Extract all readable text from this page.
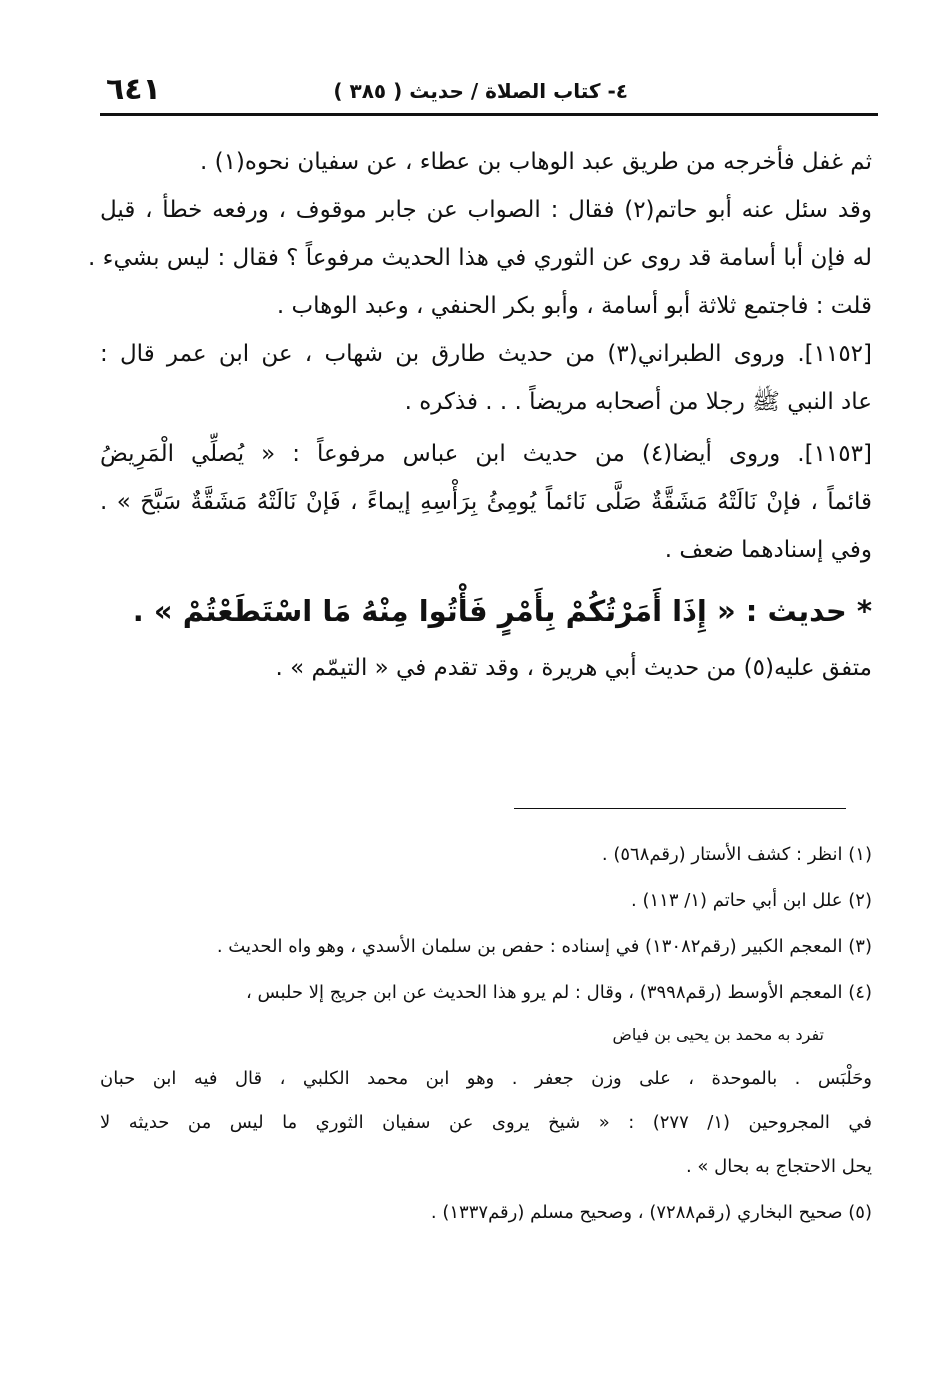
٦٤١	٤- كتاب الصلاة / حديث ( ٣٨٥ )
ثم غفل فأخرجه من طريق عبد الوهاب بن عطاء ، عن سفيان نحوه(١) .
وقد سئل عنه أبو حاتم(٢) فقال : الصواب عن جابر موقوف ، ورفعه خطأ ، قيل
له فإن أبا أسامة قد روى عن الثوري في هذا الحديث مرفوعاً ؟ فقال : ليس بشيء .
قلت : فاجتمع ثلاثة أبو أسامة ، وأبو بكر الحنفي ، وعبد الوهاب .
[١١٥٢]. وروى الطبراني(٣) من حديث طارق بن شهاب ، عن ابن عمر قال :
عاد النبي ﷺ رجلا من أصحابه مريضاً . . . فذكره .
[١١٥٣]. وروى أيضا(٤) من حديث ابن عباس مرفوعاً : « يُصلِّي الْمَرِيضُ
قائماً ، فإنْ نَالَتْهُ مَشَقَّةٌ صَلَّى نَائماً يُومِئُ بِرَأْسِهِ إيماءً ، فَإنْ نَالَتْهُ مَشَقَّةٌ سَبَّحَ » .
وفي إسنادهما ضعف .
* حديث : « إِذَا أَمَرْتُكُمْ بِأَمْرٍ فَأْتُوا مِنْهُ مَا اسْتَطَعْتُمْ » .
متفق عليه(٥) من حديث أبي هريرة ، وقد تقدم في « التيمّم » .
(١) انظر : كشف الأستار (رقم٥٦٨) .
(٢) علل ابن أبي حاتم (١/ ١١٣) .
(٣) المعجم الكبير (رقم١٣٠٨٢) في إسناده : حفص بن سلمان الأسدي ، وهو واه الحديث .
(٤) المعجم الأوسط (رقم٣٩٩٨) ، وقال : لم يرو هذا الحديث عن ابن جريج إلا حلبس ،
تفرد به محمد بن يحيى بن فياض
وحَلْبَس . بالموحدة ، على وزن جعفر . وهو ابن محمد الكلبي ، قال فيه ابن حبان
في المجروحين (١/ ٢٧٧) : « شيخ يروى عن سفيان الثوري ما ليس من حديثه لا
يحل الاحتجاج به بحال » .
(٥) صحيح البخاري (رقم٧٢٨٨) ، وصحيح مسلم (رقم١٣٣٧) .
